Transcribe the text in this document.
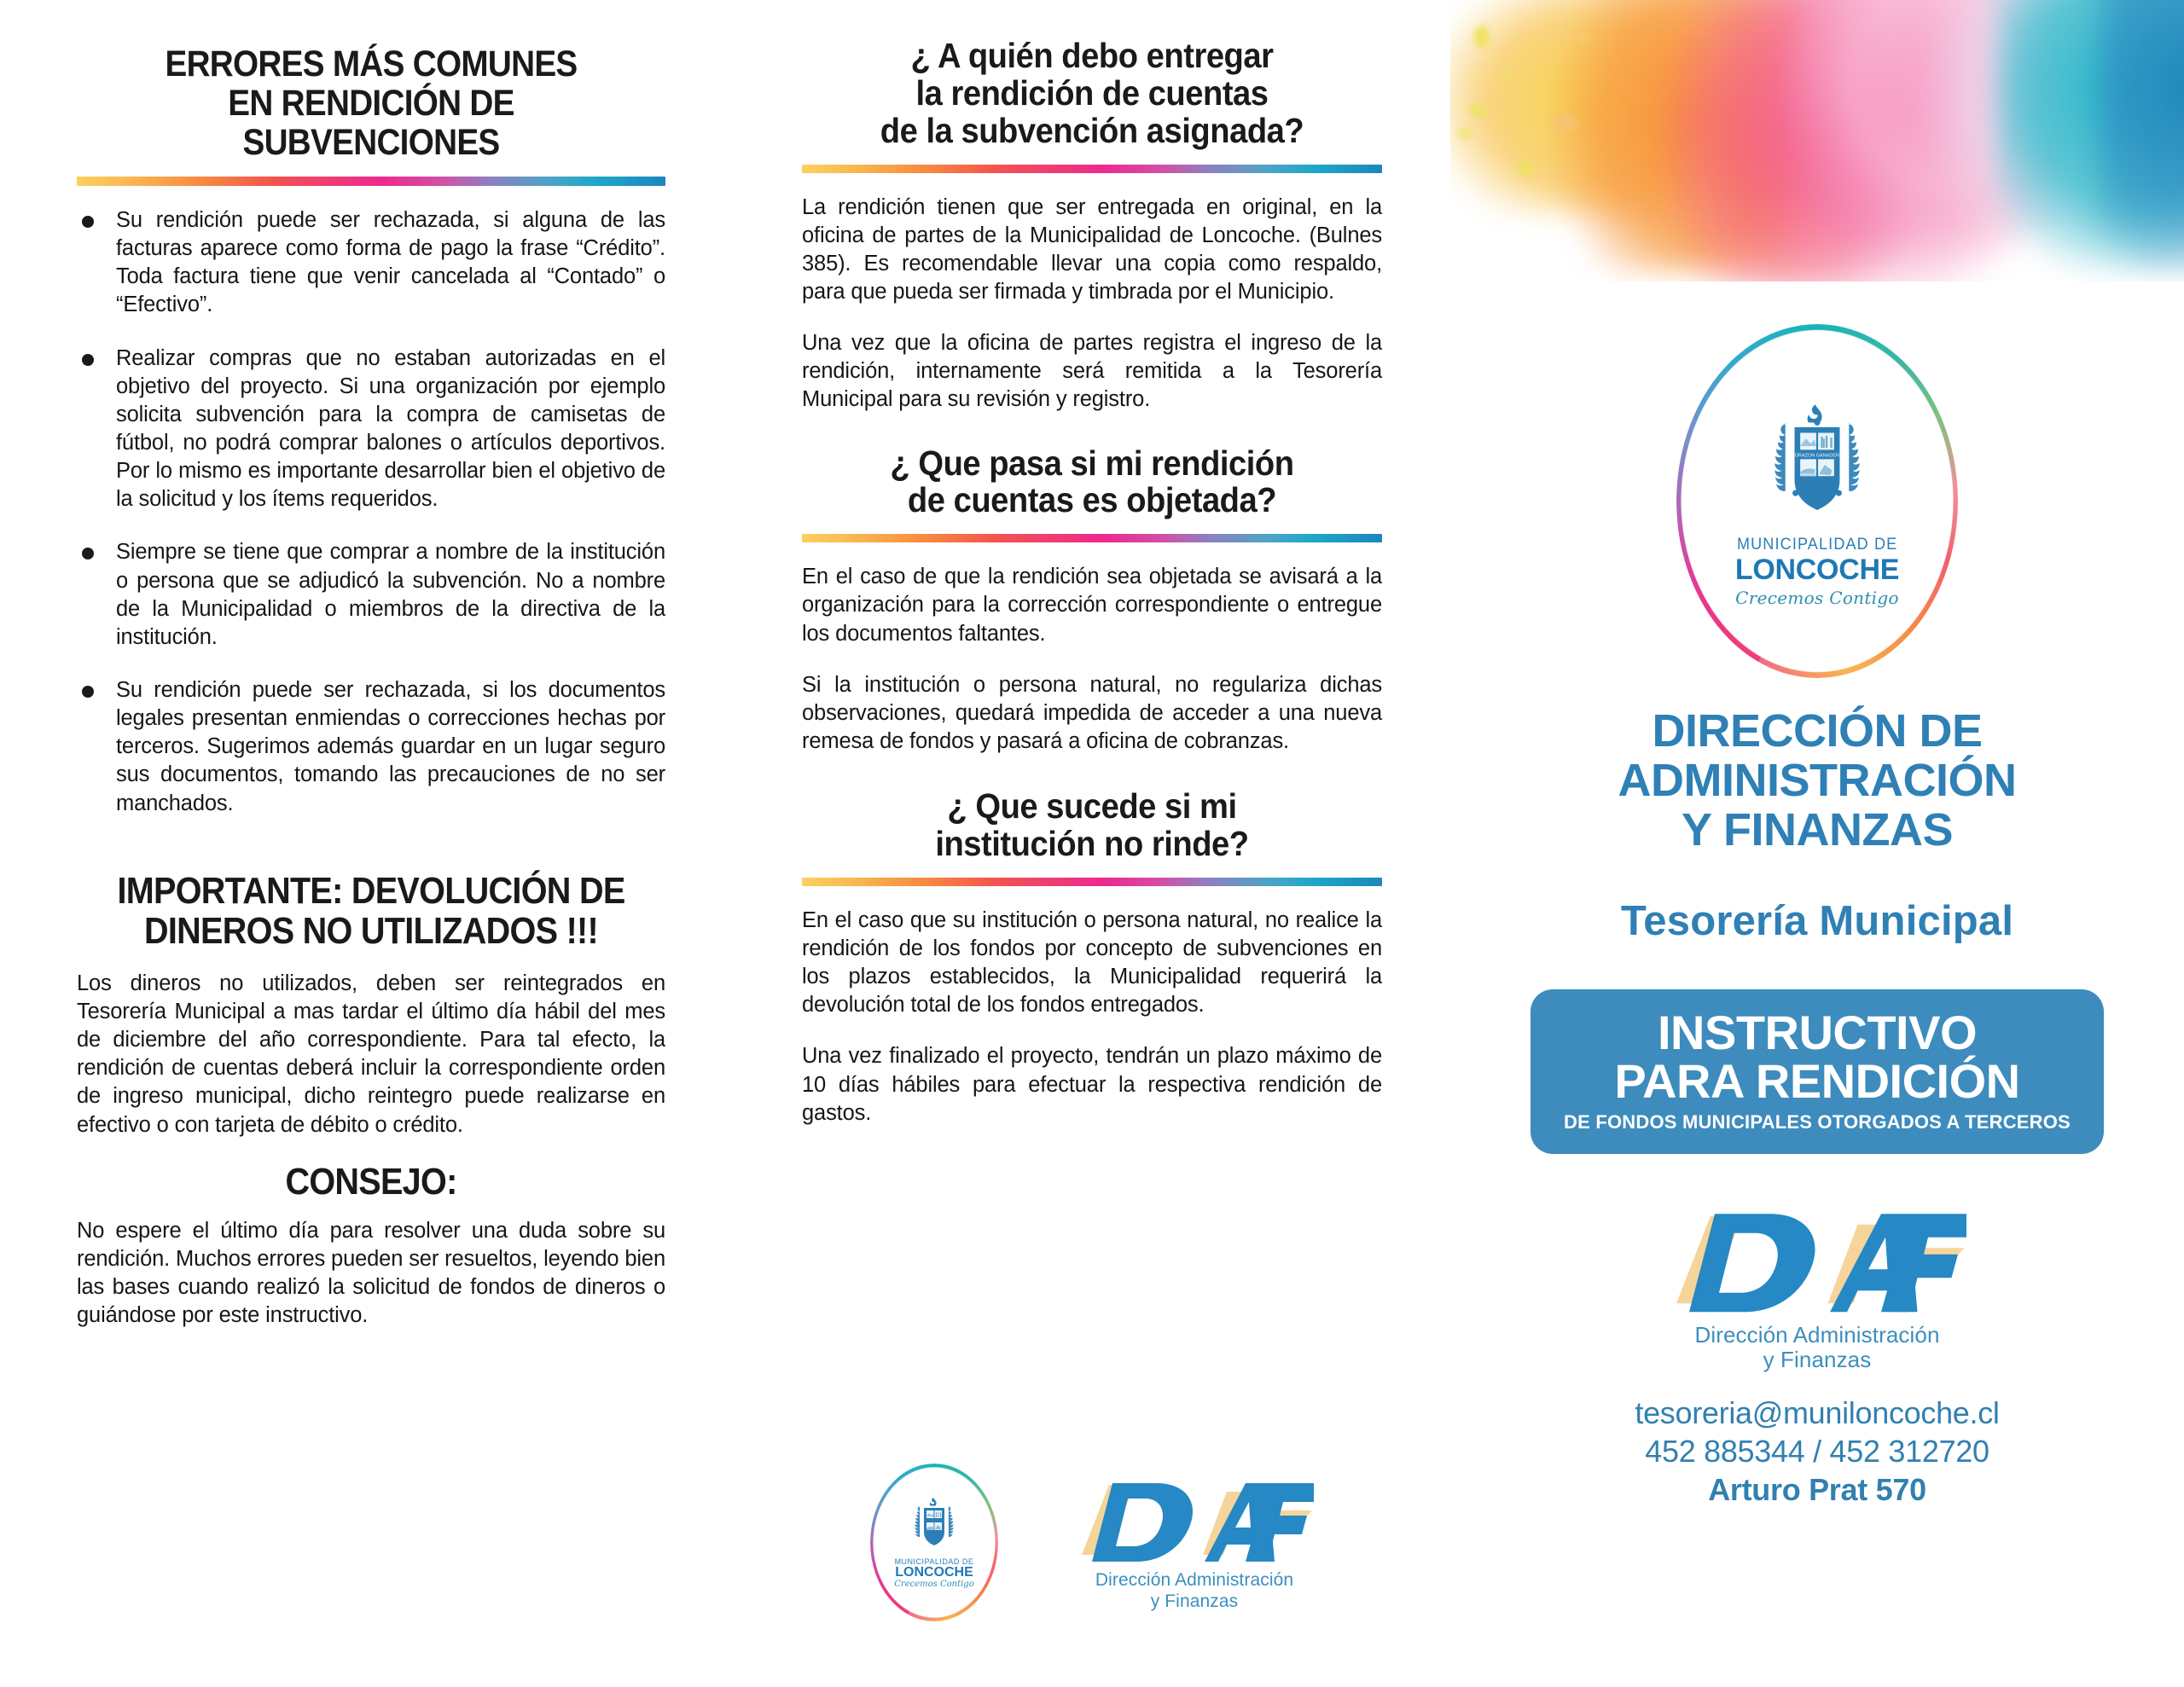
ERRORES MÁS COMUNES
EN RENDICIÓN DE
SUBVENCIONES
Su rendición puede ser rechazada, si alguna de las facturas aparece como forma de pago la frase “Crédito”. Toda factura tiene que venir cancelada al “Contado” o “Efectivo”.
Realizar compras que no estaban autorizadas en el objetivo del proyecto. Si una organización por ejemplo solicita subvención para la compra de camisetas de fútbol, no podrá comprar balones o artículos deportivos. Por lo mismo es importante desarrollar bien el objetivo de la solicitud y los ítems requeridos.
Siempre se tiene que comprar a nombre de la institución o persona que se adjudicó la subvención. No a nombre de la Municipalidad o miembros de la directiva de la institución.
Su rendición puede ser rechazada, si los documentos legales presentan enmiendas o correcciones hechas por terceros. Sugerimos además guardar en un lugar seguro sus documentos, tomando las precauciones de no ser manchados.
IMPORTANTE: DEVOLUCIÓN DE
DINEROS NO UTILIZADOS !!!

Los dineros no utilizados, deben ser reintegrados en Tesorería Municipal a mas tardar el último día hábil del mes de diciembre del año correspondiente. Para tal efecto, la rendición de cuentas deberá incluir la correspondiente orden de ingreso municipal, dicho reintegro puede realizarse en efectivo o con tarjeta de débito o crédito.

CONSEJO:

No espere el último día para resolver una duda sobre su rendición. Muchos errores pueden ser resueltos, leyendo bien las bases cuando realizó la solicitud de fondos de dineros o guiándose por este instructivo.

¿ A quién debo entregar
la rendición de cuentas
de la subvención asignada?

La rendición tienen que ser entregada en original, en la oficina de partes de la Municipalidad de Loncoche. (Bulnes 385). Es recomendable llevar una copia como respaldo, para que pueda ser firmada y timbrada por el Municipio.

Una vez que la oficina de partes registra el ingreso de la rendición, internamente será remitida a la Tesorería Municipal para su revisión y registro.

¿ Que pasa si mi rendición
de cuentas es objetada?

En el caso de que la rendición sea objetada se avisará a la organización para la corrección correspondiente o entregue los documentos faltantes.

Si la institución o persona natural, no regulariza dichas observaciones, quedará impedida de acceder a una nueva remesa de fondos y pasará a oficina de cobranzas.

¿ Que sucede si mi
institución no rinde?

En el caso que su institución o persona natural, no realice la rendición de los fondos por concepto de subvenciones en los plazos establecidos, la Municipalidad requerirá la devolución total de los fondos entregados.

Una vez finalizado el proyecto, tendrán un plazo máximo de 10 días hábiles para efectuar la respectiva rendición de gastos.

MUNICIPALIDAD DE
LONCOCHE
Crecemos Contigo	Dirección Administración
y Finanzas
CORAZON GANADERO
MUNICIPALIDAD DE
LONCOCHE
Crecemos Contigo
DIRECCIÓN DE
ADMINISTRACIÓN
Y FINANZAS
Tesorería Municipal
INSTRUCTIVO
PARA RENDICIÓN
DE FONDOS MUNICIPALES OTORGADOS A TERCEROS
Dirección Administración
y Finanzas
tesoreria@muniloncoche.cl
452 885344 / 452 312720
Arturo Prat 570
